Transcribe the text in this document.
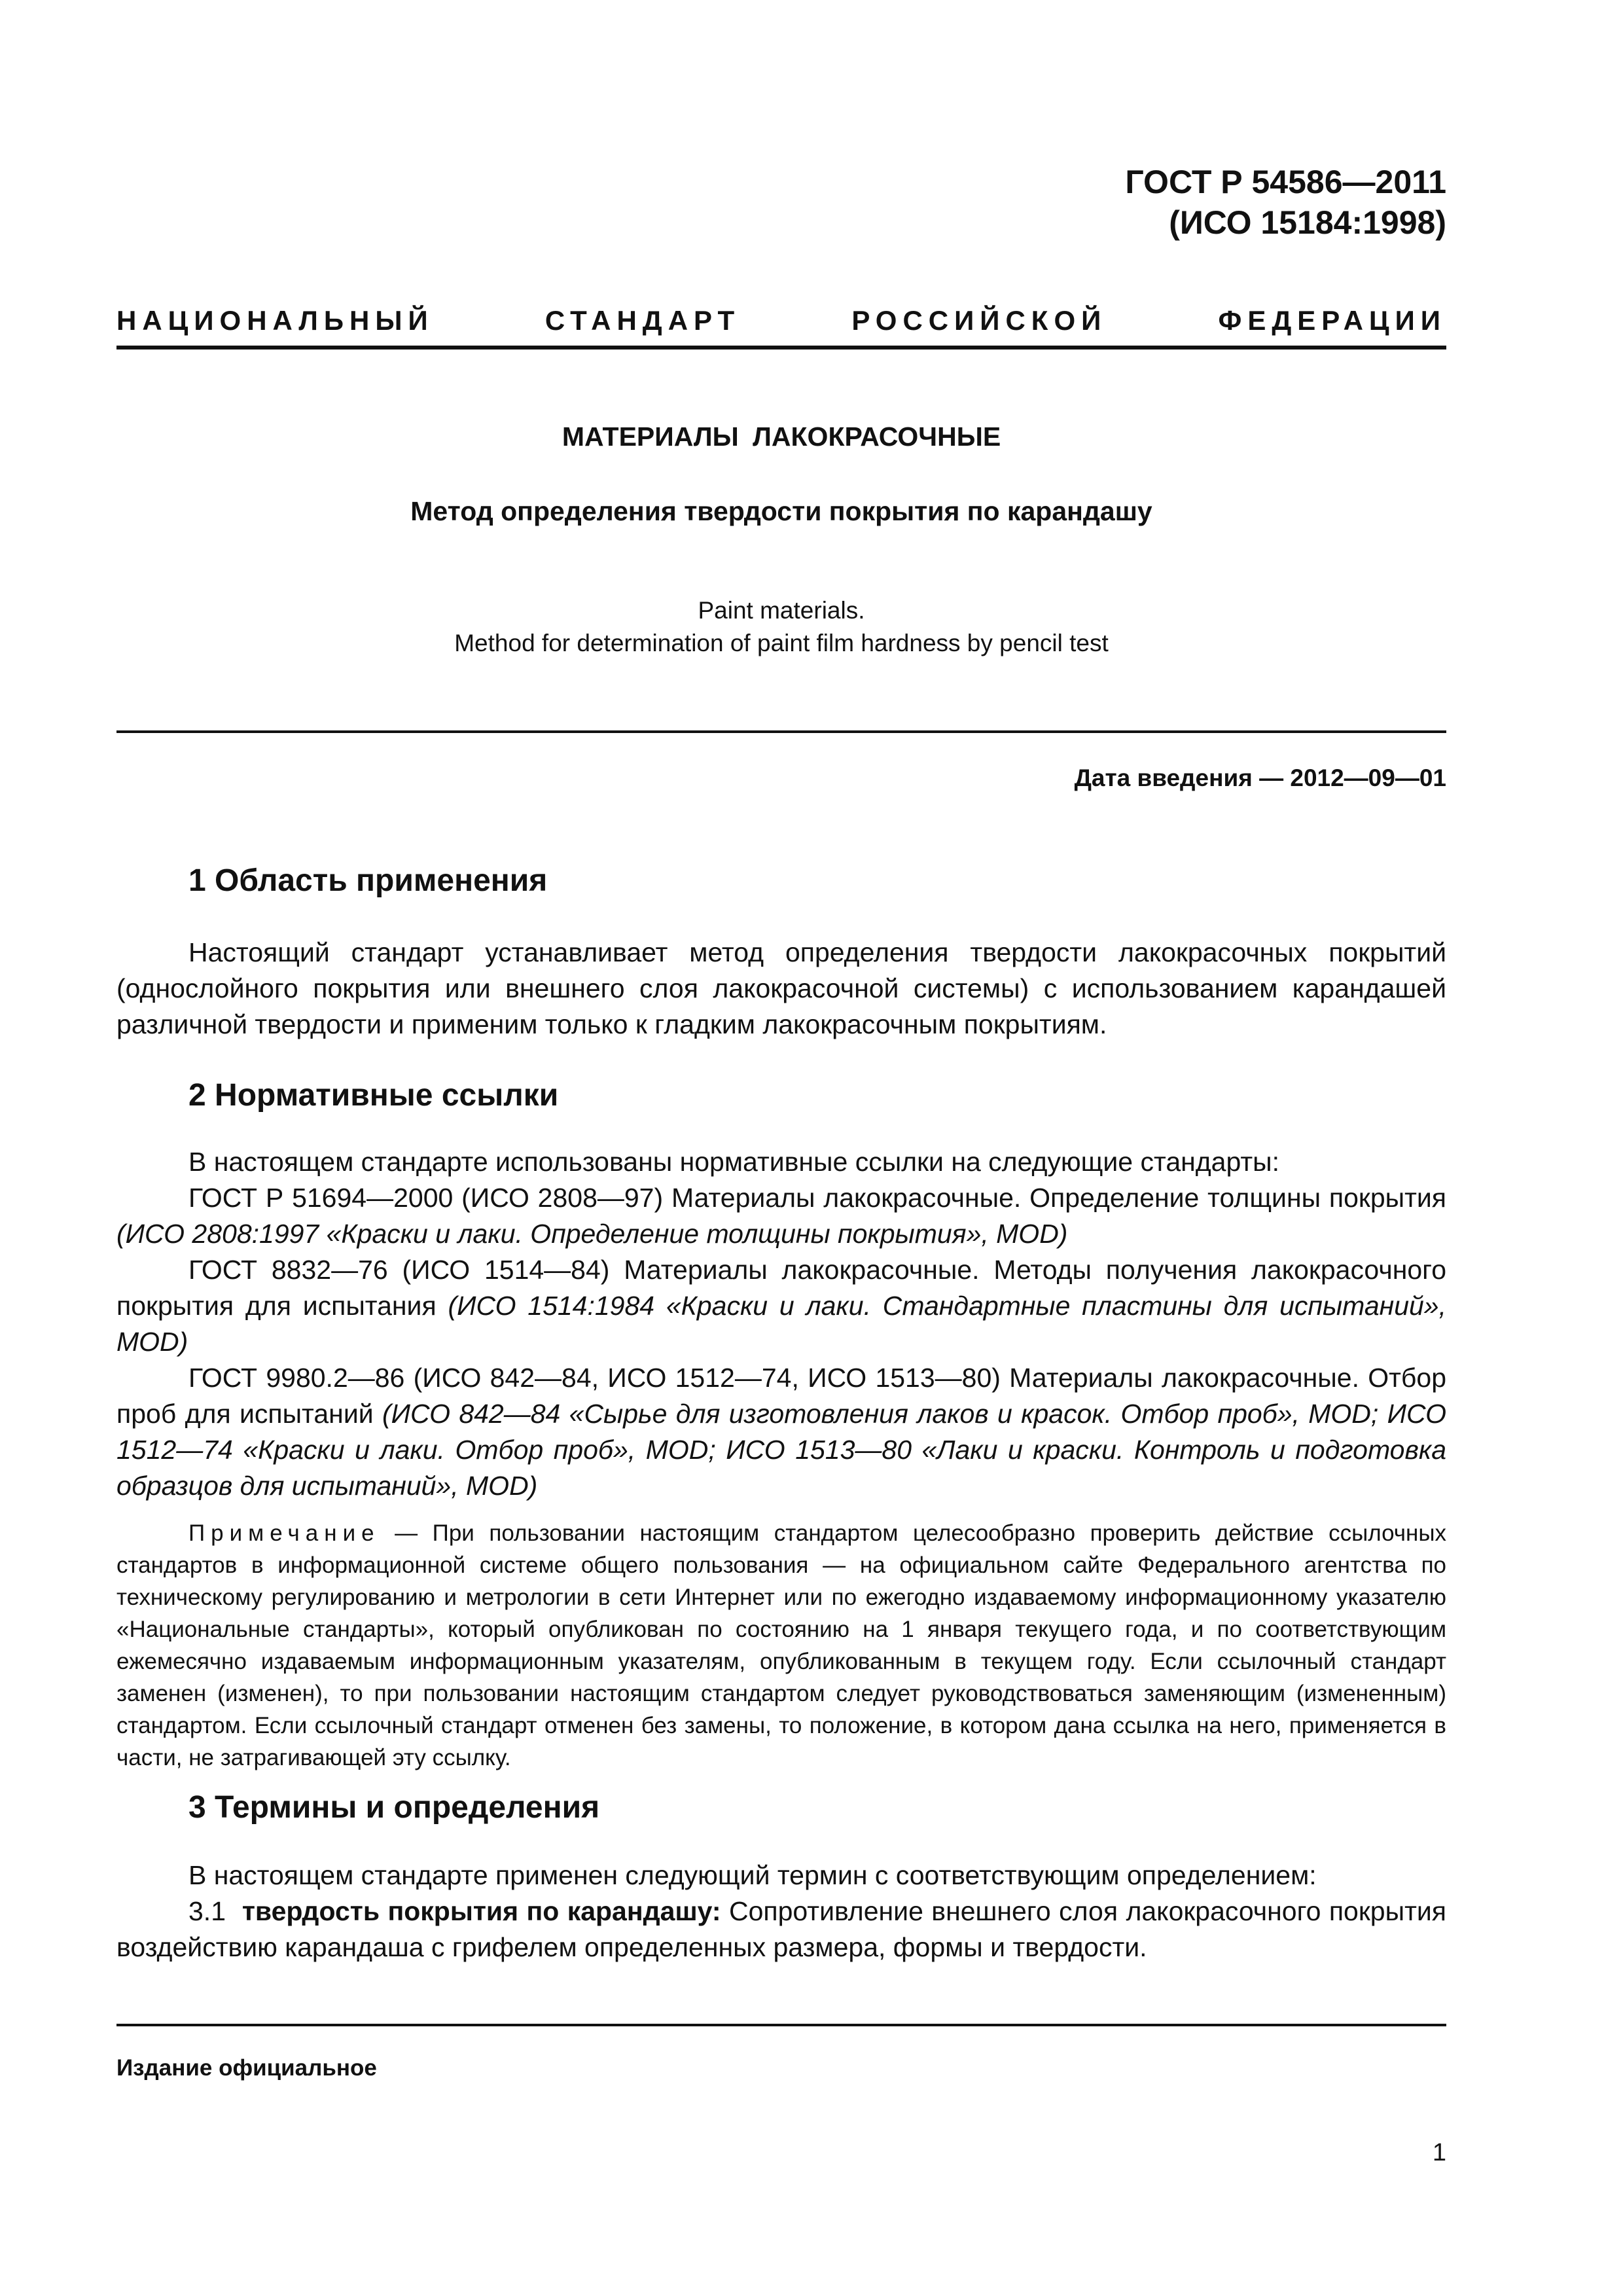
ГОСТ Р 54586—2011
(ИСО 15184:1998)
НАЦИОНАЛЬНЫЙ	СТАНДАРТ	РОССИЙСКОЙ	ФЕДЕРАЦИИ
МАТЕРИАЛЫ ЛАКОКРАСОЧНЫЕ
Метод определения твердости покрытия по карандашу
Paint materials.
Method for determination of paint film hardness by pencil test
Дата введения — 2012—09—01
1 Область применения
Настоящий стандарт устанавливает метод определения твердости лакокрасочных покрытий (однослойного покрытия или внешнего слоя лакокрасочной системы) с использованием карандашей различной твердости и применим только к гладким лакокрасочным покрытиям.
2 Нормативные ссылки
В настоящем стандарте использованы нормативные ссылки на следующие стандарты:
ГОСТ Р 51694—2000 (ИСО 2808—97) Материалы лакокрасочные. Определение толщины покрытия (ИСО 2808:1997 «Краски и лаки. Определение толщины покрытия», MOD)
ГОСТ 8832—76 (ИСО 1514—84) Материалы лакокрасочные. Методы получения лакокрасочного покрытия для испытания (ИСО 1514:1984 «Краски и лаки. Стандартные пластины для испытаний», MOD)
ГОСТ 9980.2—86 (ИСО 842—84, ИСО 1512—74, ИСО 1513—80) Материалы лакокрасочные. Отбор проб для испытаний (ИСО 842—84 «Сырье для изготовления лаков и красок. Отбор проб», MOD; ИСО 1512—74 «Краски и лаки. Отбор проб», MOD; ИСО 1513—80 «Лаки и краски. Контроль и подготовка образцов для испытаний», MOD)
Примечание — При пользовании настоящим стандартом целесообразно проверить действие ссылочных стандартов в информационной системе общего пользования — на официальном сайте Федерального агентства по техническому регулированию и метрологии в сети Интернет или по ежегодно издаваемому информационному указателю «Национальные стандарты», который опубликован по состоянию на 1 января текущего года, и по соответствующим ежемесячно издаваемым информационным указателям, опубликованным в текущем году. Если ссылочный стандарт заменен (изменен), то при пользовании настоящим стандартом следует руководствоваться заменяющим (измененным) стандартом. Если ссылочный стандарт отменен без замены, то положение, в котором дана ссылка на него, применяется в части, не затрагивающей эту ссылку.
3 Термины и определения
В настоящем стандарте применен следующий термин с соответствующим определением:
3.1 твердость покрытия по карандашу: Сопротивление внешнего слоя лакокрасочного покрытия воздействию карандаша с грифелем определенных размера, формы и твердости.
Издание официальное
1
